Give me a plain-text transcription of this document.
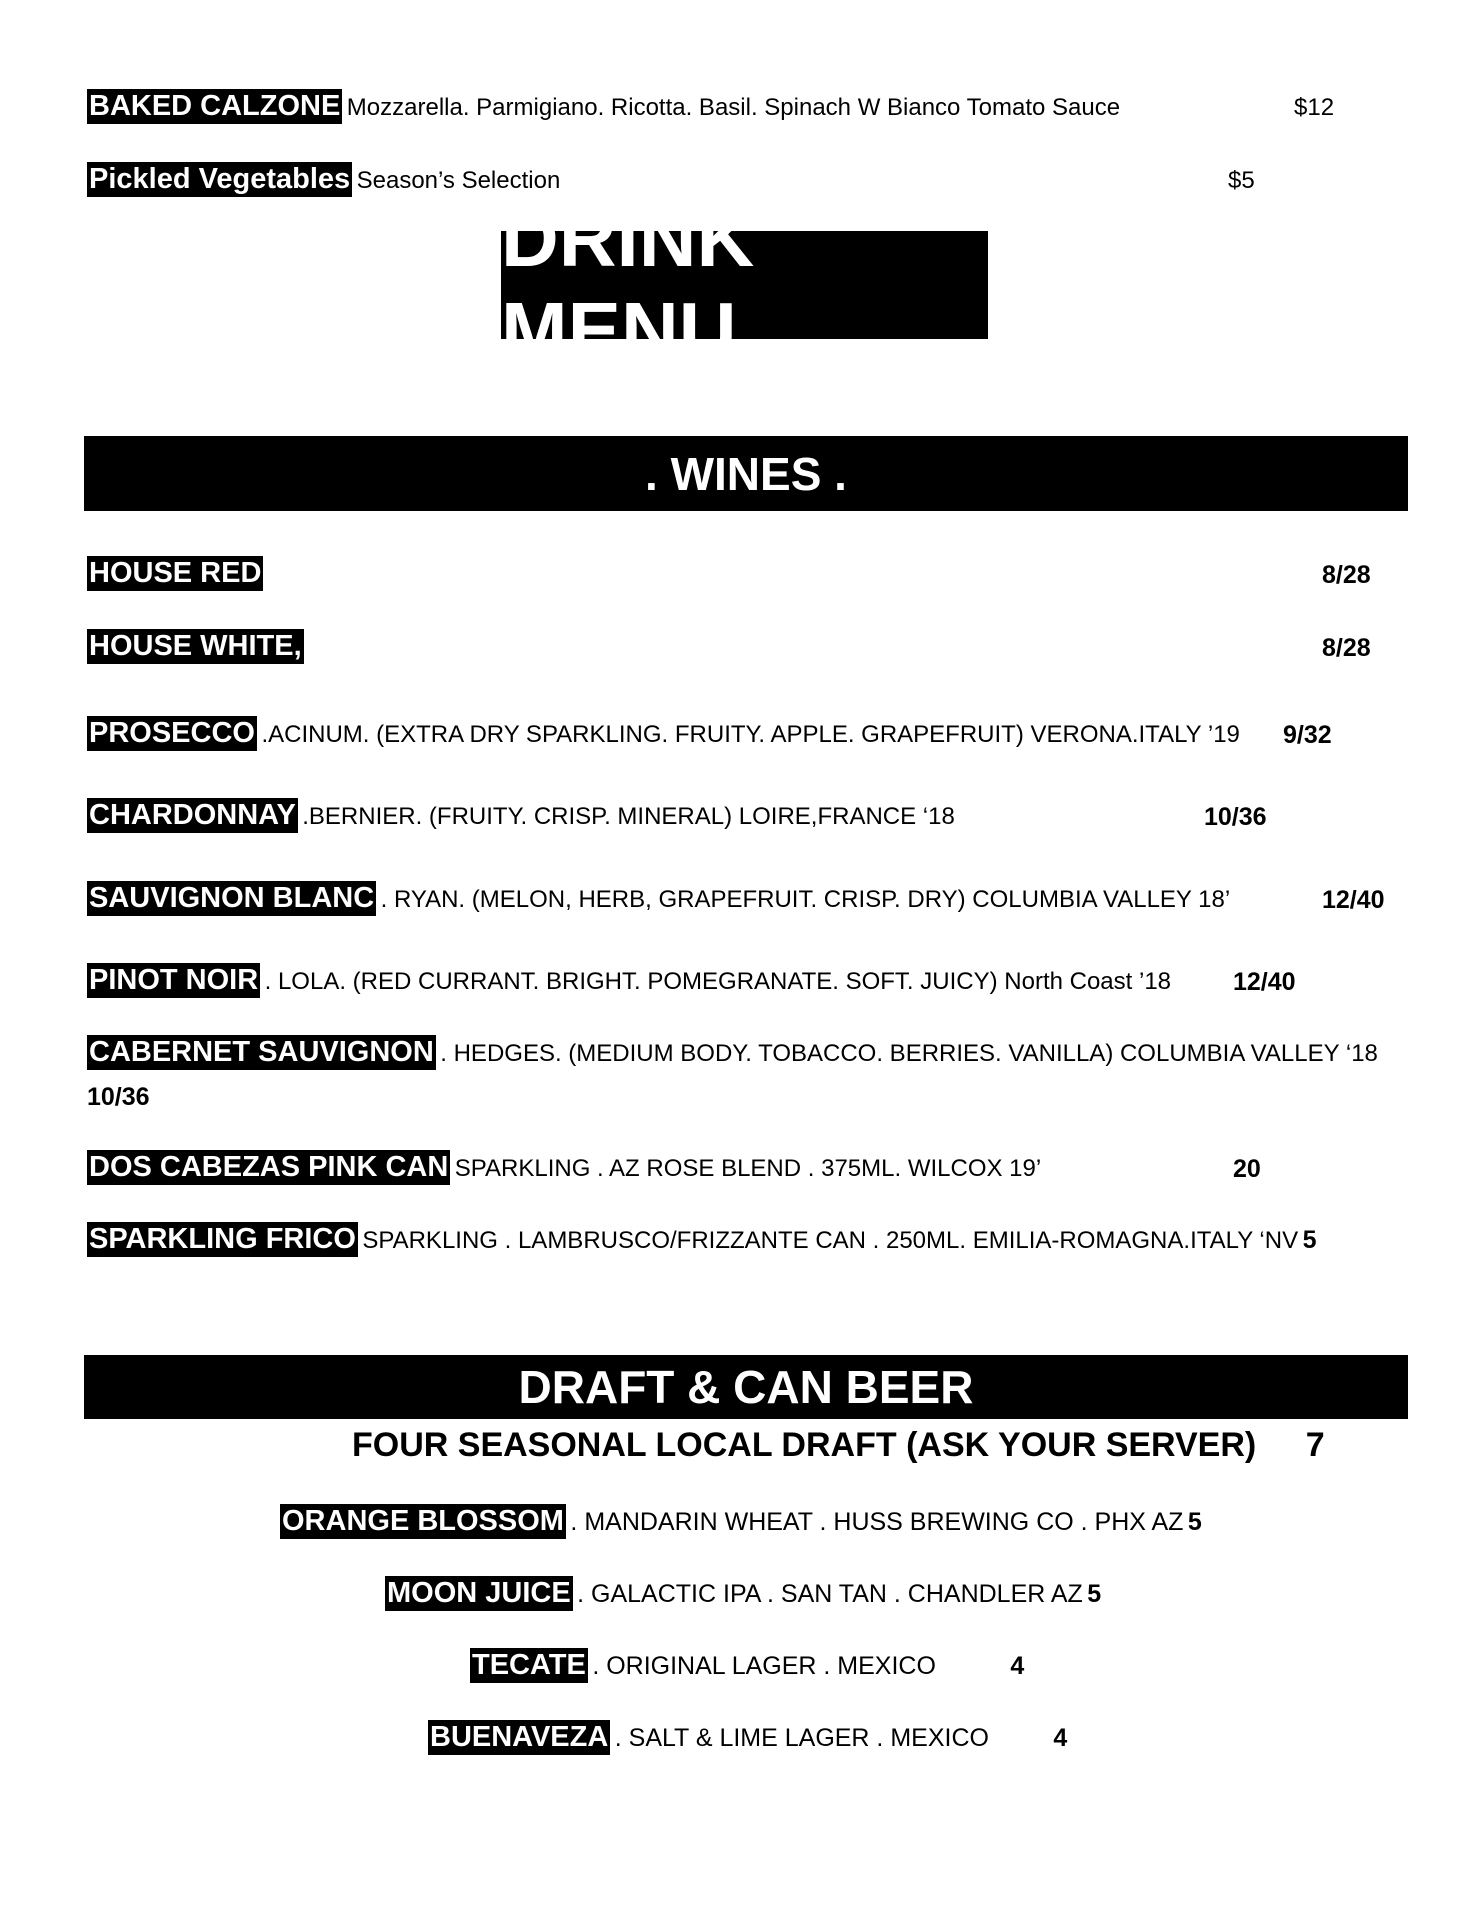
BAKED CALZONE Mozzarella. Parmigiano. Ricotta. Basil. Spinach W Bianco Tomato Sauce	$12
Pickled Vegetables Season’s Selection	$5
DRINK MENU
. WINES .
HOUSE RED	8/28
HOUSE WHITE,	8/28
PROSECCO .ACINUM. (EXTRA DRY SPARKLING. FRUITY. APPLE. GRAPEFRUIT) VERONA.ITALY ’19 9/32
CHARDONNAY .BERNIER. (FRUITY. CRISP. MINERAL) LOIRE,FRANCE ‘18	10/36
SAUVIGNON BLANC . RYAN. (MELON, HERB, GRAPEFRUIT. CRISP. DRY) COLUMBIA VALLEY 18’	12/40
PINOT NOIR . LOLA. (RED CURRANT. BRIGHT. POMEGRANATE. SOFT. JUICY) North Coast ’18 12/40
CABERNET SAUVIGNON . HEDGES. (MEDIUM BODY. TOBACCO. BERRIES. VANILLA) COLUMBIA VALLEY ‘18
10/36
DOS CABEZAS PINK CAN SPARKLING . AZ ROSE BLEND . 375ML. WILCOX 19’	20
SPARKLING FRICO SPARKLING . LAMBRUSCO/FRIZZANTE CAN . 250ML. EMILIA-ROMAGNA.ITALY ‘NV 5
DRAFT & CAN BEER
FOUR SEASONAL LOCAL DRAFT (ASK YOUR SERVER) 7
ORANGE BLOSSOM . MANDARIN WHEAT . HUSS BREWING CO . PHX AZ 5
MOON JUICE . GALACTIC IPA . SAN TAN . CHANDLER AZ 5
TECATE . ORIGINAL LAGER . MEXICO	4
BUENAVEZA . SALT & LIME LAGER . MEXICO	4
